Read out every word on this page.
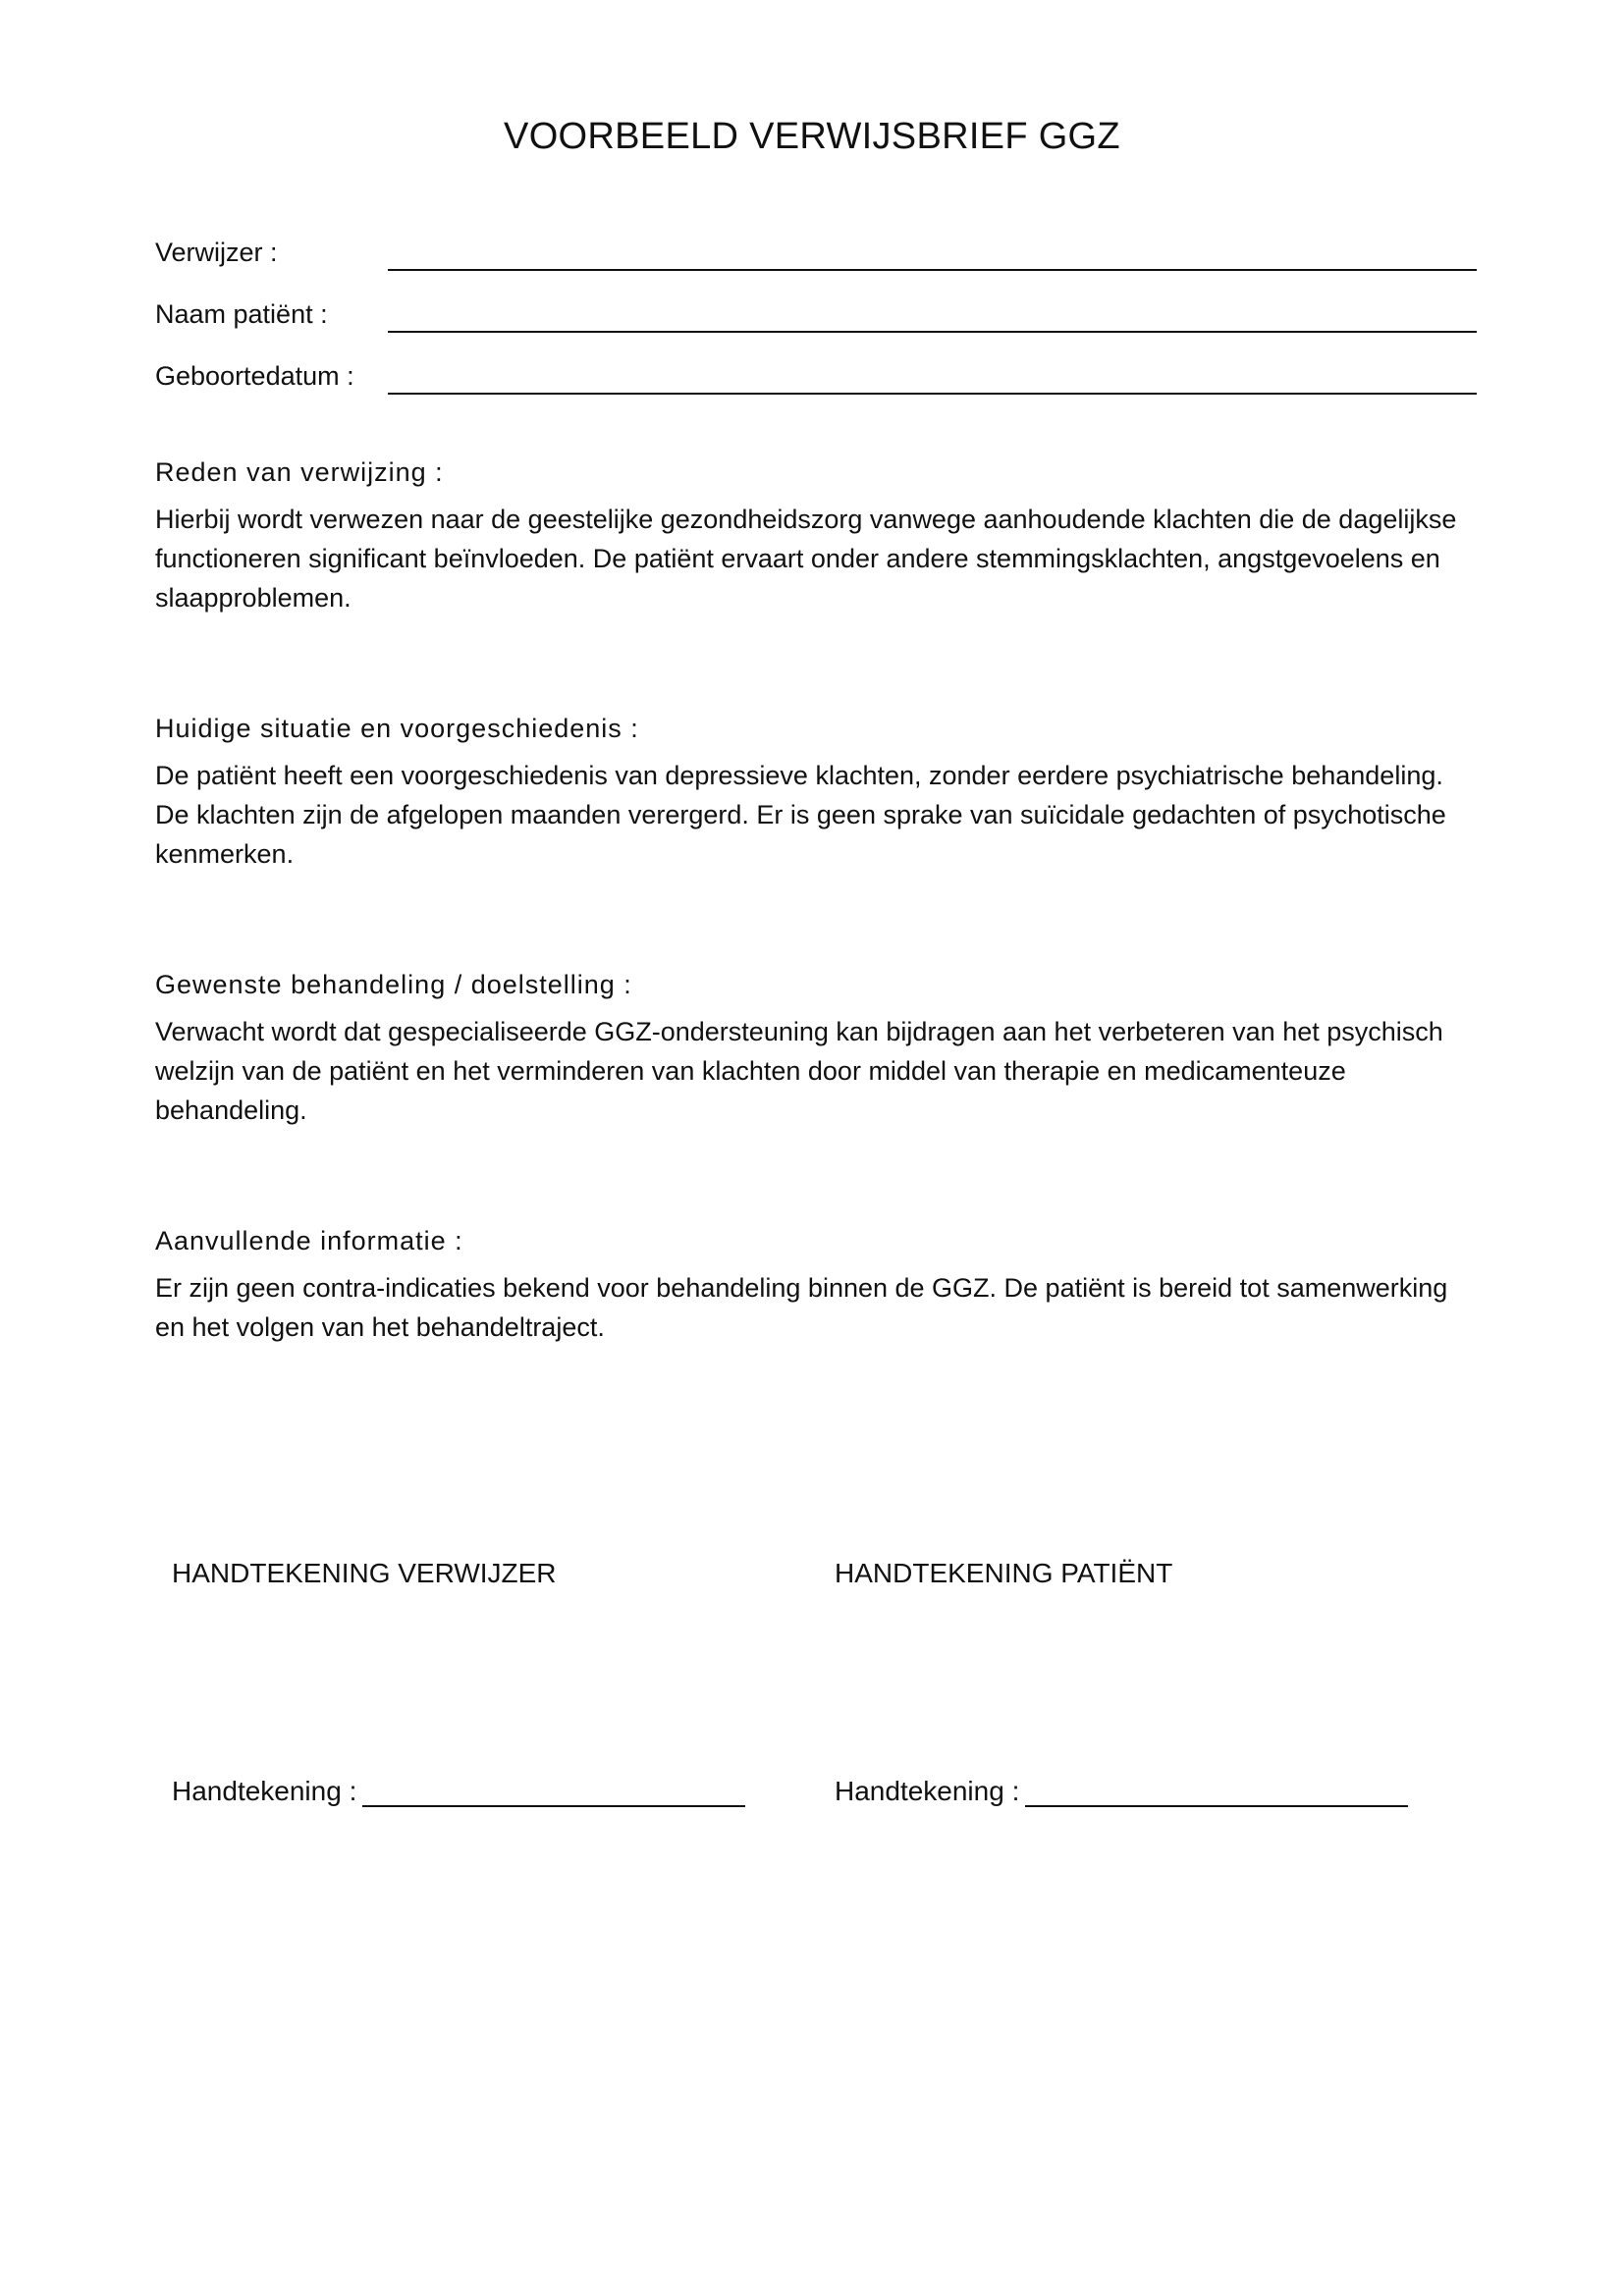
VOORBEELD VERWIJSBRIEF GGZ
Verwijzer :
Naam patiënt :
Geboortedatum :
Reden van verwijzing :

Hierbij wordt verwezen naar de geestelijke gezondheidszorg vanwege aanhoudende klachten die de dagelijkse functioneren significant beïnvloeden. De patiënt ervaart onder andere stemmingsklachten, angstgevoelens en slaapproblemen.

Huidige situatie en voorgeschiedenis :

De patiënt heeft een voorgeschiedenis van depressieve klachten, zonder eerdere psychiatrische behandeling. De klachten zijn de afgelopen maanden verergerd. Er is geen sprake van suïcidale gedachten of psychotische kenmerken.

Gewenste behandeling / doelstelling :

Verwacht wordt dat gespecialiseerde GGZ-ondersteuning kan bijdragen aan het verbeteren van het psychisch welzijn van de patiënt en het verminderen van klachten door middel van therapie en medicamenteuze behandeling.

Aanvullende informatie :

Er zijn geen contra-indicaties bekend voor behandeling binnen de GGZ. De patiënt is bereid tot samenwerking en het volgen van het behandeltraject.

HANDTEKENING VERWIJZER
Handtekening :
HANDTEKENING PATIËNT
Handtekening :
